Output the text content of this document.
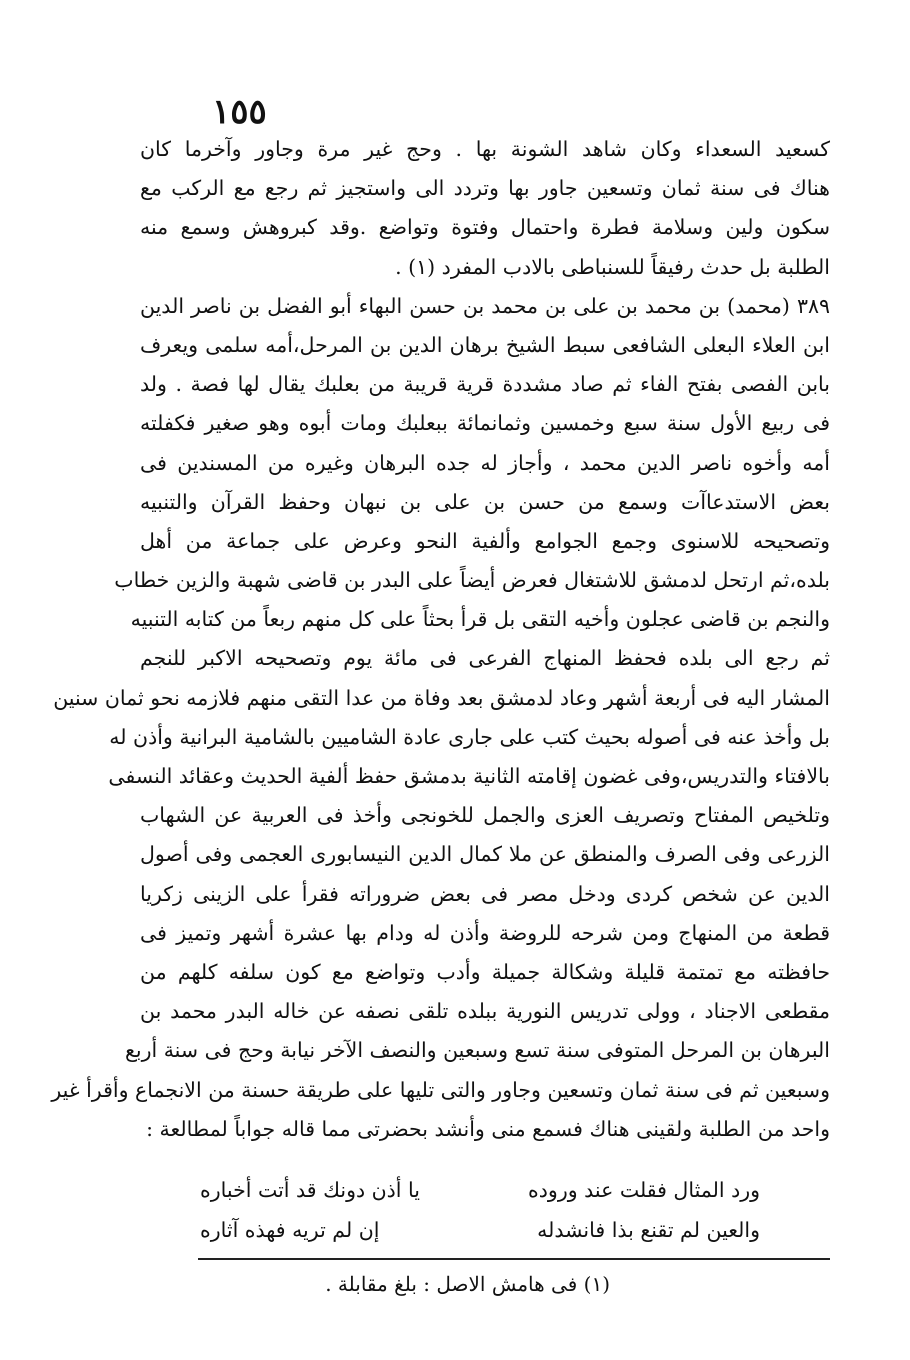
١٥٥
كسعيد السعداء وكان شاهد الشونة بها . وحج غير مرة وجاور وآخرما كان
هناك فى سنة ثمان وتسعين جاور بها وتردد الى واستجيز ثم رجع مع الركب مع
سكون ولين وسلامة فطرة واحتمال وفتوة وتواضع .وقد كبروهش وسمع منه
الطلبة بل حدث رفيقاً للسنباطى بالادب المفرد (١) .
٣٨٩ (محمد) بن محمد بن على بن محمد بن حسن البهاء أبو الفضل بن ناصر الدين
ابن العلاء البعلى الشافعى سبط الشيخ برهان الدين بن المرحل،أمه سلمى ويعرف
بابن الفصى بفتح الفاء ثم صاد مشددة قرية قريبة من بعلبك يقال لها فصة . ولد
فى ربيع الأول سنة سبع وخمسين وثمانمائة ببعلبك ومات أبوه وهو صغير فكفلته
أمه وأخوه ناصر الدين محمد ، وأجاز له جده البرهان وغيره من المسندين فى
بعض الاستدعاآت وسمع من حسن بن على بن نبهان وحفظ القرآن والتنبيه
وتصحيحه للاسنوى وجمع الجوامع وألفية النحو وعرض على جماعة من أهل
بلده،ثم ارتحل لدمشق للاشتغال فعرض أيضاً على البدر بن قاضى شهبة والزين خطاب
والنجم بن قاضى عجلون وأخيه التقى بل قرأ بحثاً على كل منهم ربعاً من كتابه التنبيه
ثم رجع الى بلده فحفظ المنهاج الفرعى فى مائة يوم وتصحيحه الاكبر للنجم
المشار اليه فى أربعة أشهر وعاد لدمشق بعد وفاة من عدا التقى منهم فلازمه نحو ثمان سنين
بل وأخذ عنه فى أصوله بحيث كتب على جارى عادة الشاميين بالشامية البرانية وأذن له
بالافتاء والتدريس،وفى غضون إقامته الثانية بدمشق حفظ ألفية الحديث وعقائد النسفى
وتلخيص المفتاح وتصريف العزى والجمل للخونجى وأخذ فى العربية عن الشهاب
الزرعى وفى الصرف والمنطق عن ملا كمال الدين النيسابورى العجمى وفى أصول
الدين عن شخص كردى ودخل مصر فى بعض ضروراته فقرأ على الزينى زكريا
قطعة من المنهاج ومن شرحه للروضة وأذن له ودام بها عشرة أشهر وتميز فى
حافظته مع تمتمة قليلة وشكالة جميلة وأدب وتواضع مع كون سلفه كلهم من
مقطعى الاجناد ، وولى تدريس النورية ببلده تلقى نصفه عن خاله البدر محمد بن
البرهان بن المرحل المتوفى سنة تسع وسبعين والنصف الآخر نيابة وحج فى سنة أربع
وسبعين ثم فى سنة ثمان وتسعين وجاور والتى تليها على طريقة حسنة من الانجماع وأقرأ غير
واحد من الطلبة ولقينى هناك فسمع منى وأنشد بحضرتى مما قاله جواباً لمطالعة :
ورد المثال فقلت عند وروده
يا أذن دونك قد أتت أخباره
والعين لم تقنع بذا فانشدله
إن لم تريه فهذه آثاره
(١) فى هامش الاصل : بلغ مقابلة .
